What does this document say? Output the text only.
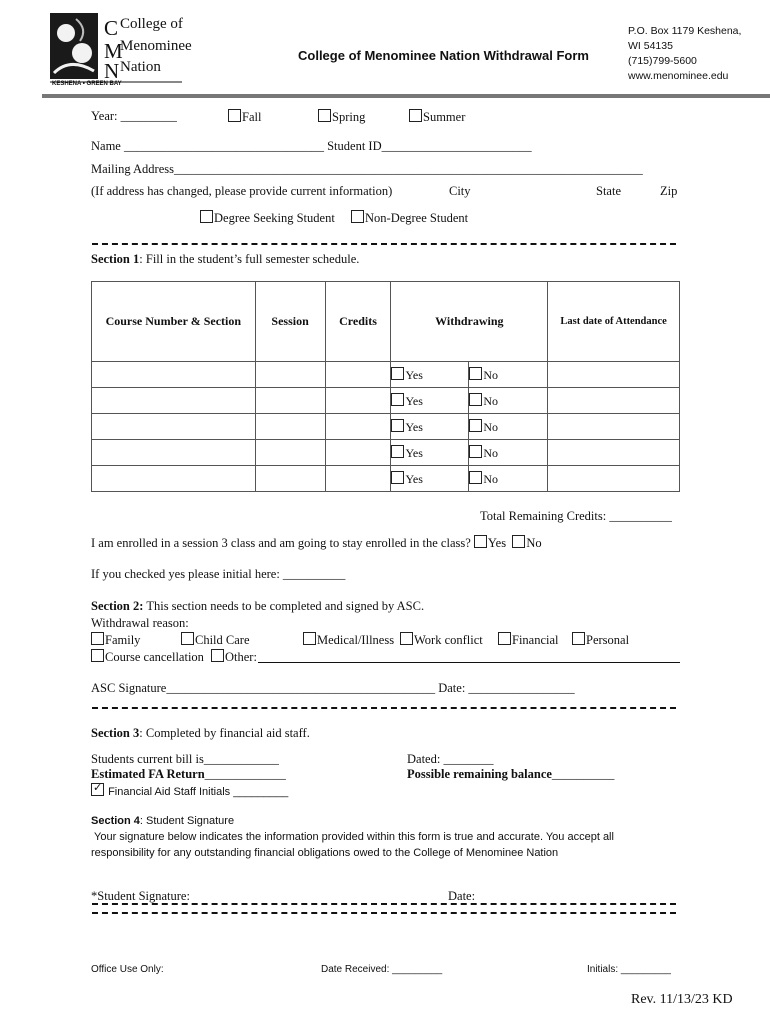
C
M
N
College of
Menominee
Nation
KESHENA • GREEN BAY
College of Menominee Nation Withdrawal Form
P.O. Box 1179 Keshena,
WI 54135
(715)799-5600
www.menominee.edu
Year: _________	Fall	Spring	Summer
Name ________________________________ Student ID________________________
Mailing Address___________________________________________________________________________
(If address has changed, please provide current information)	City	State	Zip
Degree Seeking Student	Non-Degree Student
Section 1: Fill in the student’s full semester schedule.
Course Number & Section	Session	Credits	Withdrawing		Last date of Attendance
			Yes	No	
			Yes	No	
			Yes	No	
			Yes	No	
			Yes	No	
Total Remaining Credits: __________
I am enrolled in a session 3 class and am going to stay enrolled in the class? Yes No
If you checked yes please initial here: __________
Section 2: This section needs to be completed and signed by ASC.
Withdrawal reason:
Family	Child Care	Medical/Illness	Work conflict	Financial	Personal
Course cancellation	Other:
ASC Signature___________________________________________ Date: _________________
Section 3: Completed by financial aid staff.
Students current bill is____________	Dated: ________
Estimated FA Return_____________	Possible remaining balance__________
✓ Financial Aid Staff Initials _________
Section 4: Student Signature
Your signature below indicates the information provided within this form is true and accurate. You accept all
responsibility for any outstanding financial obligations owed to the College of Menominee Nation
*Student Signature:	Date:
Office Use Only:	Date Received: _________	Initials: _________
Rev. 11/13/23 KD
